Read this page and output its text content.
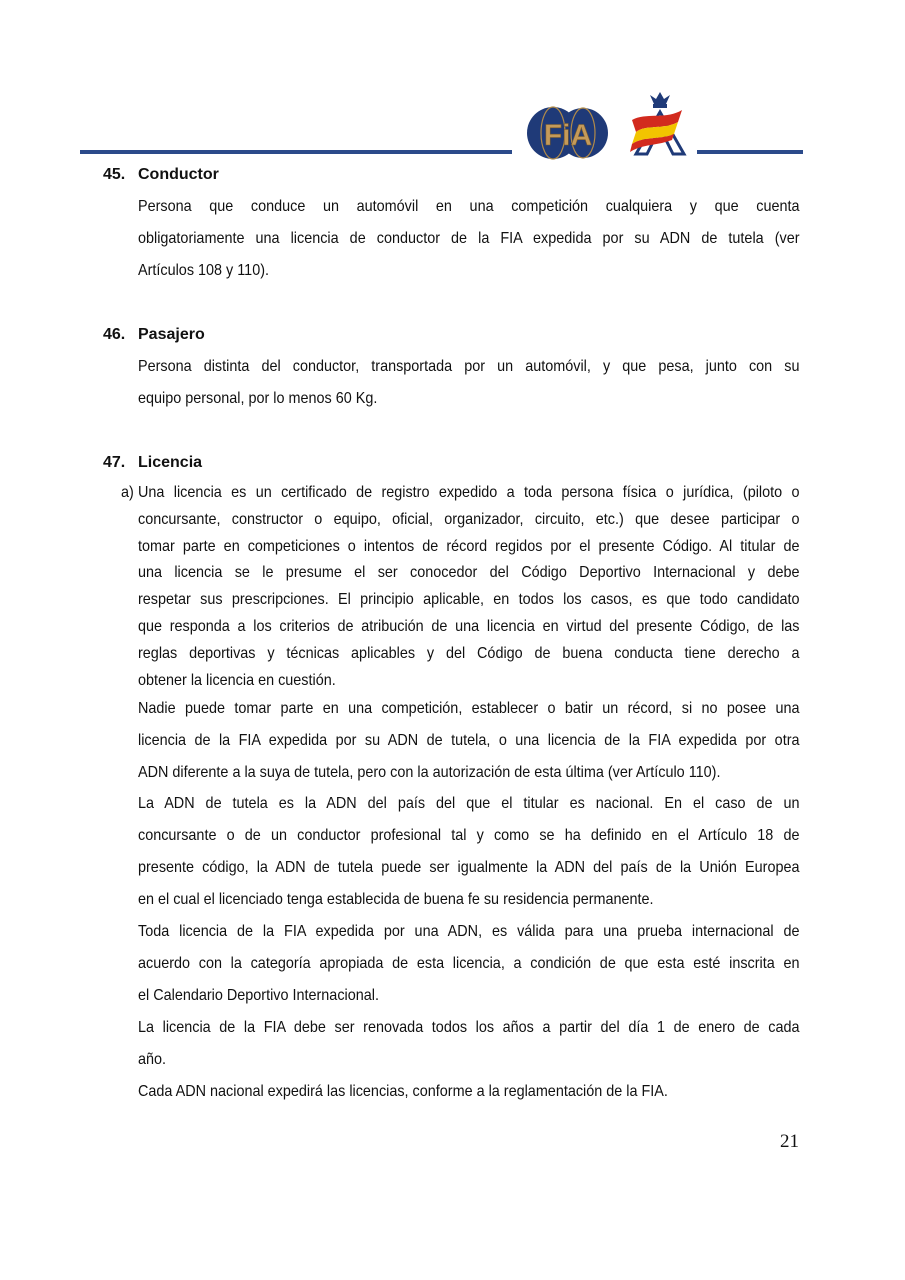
FiA
45. Conductor
Persona que conduce un automóvil en una competición cualquiera y que cuenta
obligatoriamente una licencia de conductor de la FIA expedida por su ADN de tutela (ver
Artículos 108 y 110).
46. Pasajero
Persona distinta del conductor, transportada por un automóvil, y que pesa, junto con su
equipo personal, por lo menos 60 Kg.
47. Licencia
a) Una licencia es un certificado de registro expedido a toda persona física o jurídica, (piloto o
concursante, constructor o equipo, oficial, organizador, circuito, etc.) que desee participar o
tomar parte en competiciones o intentos de récord regidos por el presente Código. Al titular de
una licencia se le presume el ser conocedor del Código Deportivo Internacional y debe
respetar sus prescripciones. El principio aplicable, en todos los casos, es que todo candidato
que responda a los criterios de atribución de una licencia en virtud del presente Código, de las
reglas deportivas y técnicas aplicables y del Código de buena conducta tiene derecho a
obtener la licencia en cuestión.
Nadie puede tomar parte en una competición, establecer o batir un récord, si no posee una
licencia de la FIA expedida por su ADN de tutela, o una licencia de la FIA expedida por otra
ADN diferente a la suya de tutela, pero con la autorización de esta última (ver Artículo 110).
La ADN de tutela es la ADN del país del que el titular es nacional. En el caso de un
concursante o de un conductor profesional tal y como se ha definido en el Artículo 18 de
presente código, la ADN de tutela puede ser igualmente la ADN del país de la Unión Europea
en el cual el licenciado tenga establecida de buena fe su residencia permanente.
Toda licencia de la FIA expedida por una ADN, es válida para una prueba internacional de
acuerdo con la categoría apropiada de esta licencia, a condición de que esta esté inscrita en
el Calendario Deportivo Internacional.
La licencia de la FIA debe ser renovada todos los años a partir del día 1 de enero de cada
año.
Cada ADN nacional expedirá las licencias, conforme a la reglamentación de la FIA.
21
